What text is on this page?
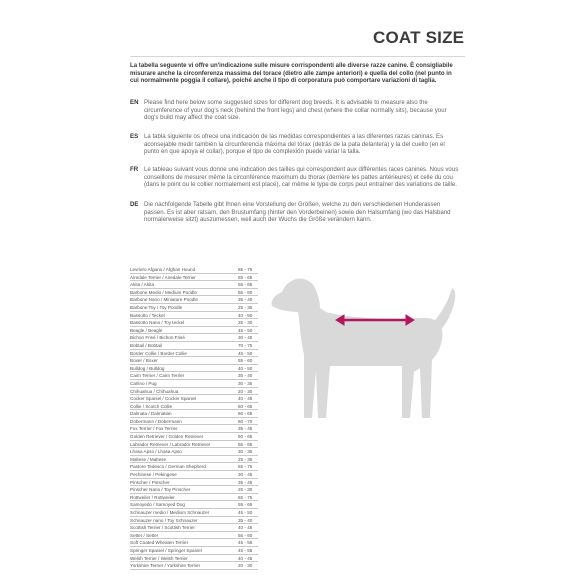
COAT SIZE
La tabella seguente vi offre un'indicazione sulle misure corrispondenti alle diverse razze canine. È consigliabile misurare anche la circonferenza massima del torace (dietro alle zampe anteriori) e quella del collo (nel punto in cui normalmente poggia il collare), poiché anche il tipo di corporatura può comportare variazioni di taglia.
EN Please find here below some suggested sizes for different dog breeds. It is advisable to measure also the circumference of your dog's neck (behind the front legs) and chest (where the collar normally sits), because your dog's build may affect the coat size.
ES La tabla siguiente os ofrece una indicación de las medidas correspondientes a las diferentes razas caninas. Es aconsejable medir también la circunferencia máxima del tórax (detrás de la pata delantera) y la del cuello (en el punto en que apoya el collar), porque el tipo de complexión puede variar la talla.
FR Le tableau suivant vous donne une indication des tailles qui correspondent aux différentes races canines. Nous vous conseillons de mesurer même la circonférence maximum du thorax (derrière les pattes antérieures) et celle du cou (dans le point ou le collier normalement est placé), car même le type de corps peut entraîner des variations de taille.
DE Die nachfolgende Tabelle gibt Ihnen eine Vorstellung der Größen, welche zu den verschiedenen Hunderassen passen. Es ist aber ratsam, den Brustumfang (hinter den Vorderbeinen) sowie den Halsumfang (wo das Halsband normalerweise sitzt) auszumessen, weil auch der Wuchs die Größe verändern kann.
Levriero Afgano / Afghan Hound	65 - 75
Airedale Terrier / Airedale Terrier	55 - 65
Akita / Akita	55 - 65
Barbone Medio / Medium Poodle	55 - 60
Barbone Nano / Miniature Poodle	35 - 40
Barbone Toy / Toy Poodle	25 - 35
Bassotto / Teckel	40 - 50
Bassotto Nano / Toy teckel	25 - 30
Beagle / Beagle	45 - 50
Bichon Frisé / Bichon Frisé	30 - 40
Bobtail / Bobtail	70 - 75
Border Collie / Border Collie	45 - 50
Boxer / Boxer	55 - 60
Bulldog / Bulldog	40 - 50
Cairn Terrier / Cairn Terrier	35 - 40
Carlino / Pug	30 - 35
Chihuahua / Chihuahua	20 - 30
Cocker Spaniel / Cocker Spaniel	40 - 45
Collie / Scotch Collie	60 - 65
Dalmata / Dalmatian	60 - 65
Dobermann / Dobermann	60 - 70
Fox Terrier / Fox Terrier	35 - 45
Golden Retriever / Golden Retriever	60 - 65
Labrador Retriever / Labrador Retriever	55 - 65
Lhasa Apso / Lhasa Apso	30 - 35
Maltese / Maltese	25 - 35
Pastore Tedesco / German Shepherd	65 - 75
Pechinese / Pekingese	30 - 45
Pinscher / Pinscher	35 - 45
Pinscher Nano / Toy Pinscher	25 - 30
Rottweiler / Rottweiler	65 - 75
Samoyedo / Samoyed Dog	55 - 65
Schnauzer medio / Medium Schnauzer	45 - 50
Schnauzer nano / Toy Schnauzer	35 - 40
Scottish Terrier / Scottish Terrier	40 - 45
Setter / Setter	55 - 60
Soft Coated Wheaten Terrier	45 - 55
Springer Spaniel / Springer Spaniel	45 - 55
Welsh Terrier / Welsh Terrier	40 - 45
Yorkshire Terrier / Yorkshire Terrier	20 - 30
